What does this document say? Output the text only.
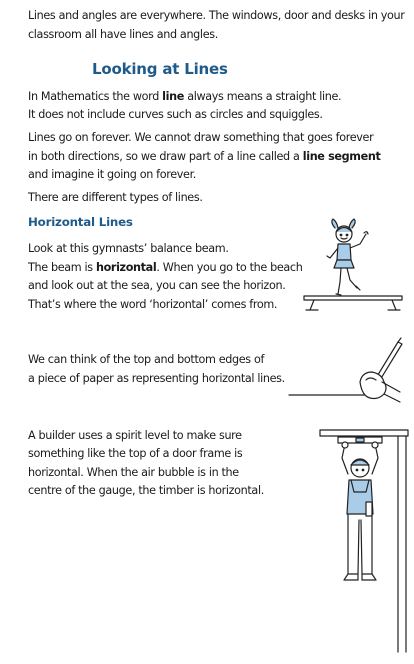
Lines and angles are everywhere. The windows, door and desks in your
classroom all have lines and angles.
Looking at Lines
In Mathematics the word line always means a straight line.
It does not include curves such as circles and squiggles.
Lines go on forever. We cannot draw something that goes forever
in both directions, so we draw part of a line called a line segment
and imagine it going on forever.
There are different types of lines.
Horizontal Lines
Look at this gymnasts’ balance beam.
The beam is horizontal. When you go to the beach
and look out at the sea, you can see the horizon.
That’s where the word ‘horizontal’ comes from.
We can think of the top and bottom edges of
a piece of paper as representing horizontal lines.
A builder uses a spirit level to make sure
something like the top of a door frame is
horizontal. When the air bubble is in the
centre of the gauge, the timber is horizontal.
